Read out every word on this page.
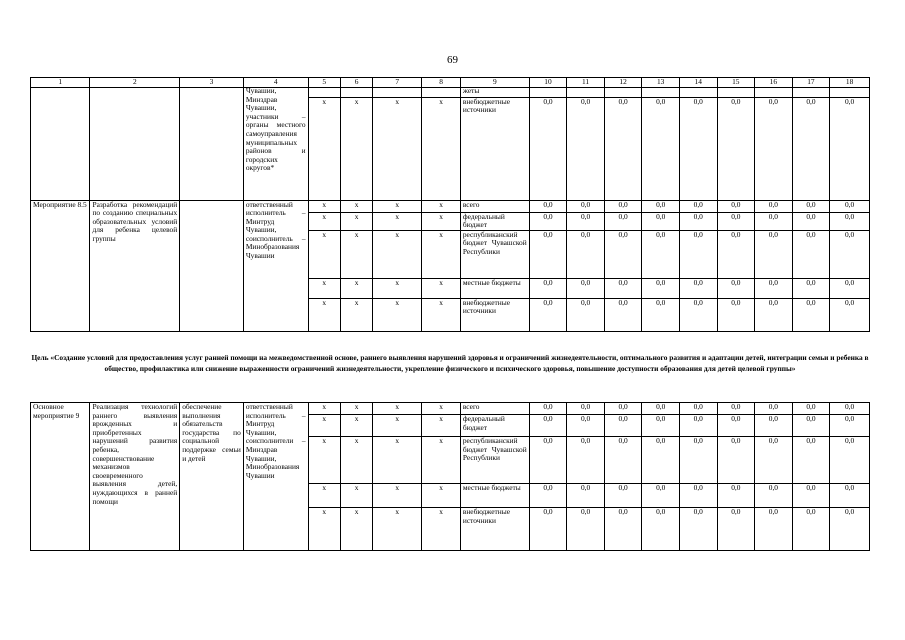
69
1	2	3	4	5	6	7	8	9	10	11	12	13	14	15	16	17	18
			Чувашии, Минздрав Чувашии, участники – органы местного самоуправления муниципальных районов и городских округов*					жеты									
				x	x	x	x	внебюджетные источники	0,0	0,0	0,0	0,0	0,0	0,0	0,0	0,0	0,0
Мероприятие 8.5	Разработка рекомендаций по созданию специальных образовательных условий для ребенка целевой группы		ответственный исполнитель – Минтруд Чувашии, соисполнитель – Минобразования Чувашии	x	x	x	x	всего	0,0	0,0	0,0	0,0	0,0	0,0	0,0	0,0	0,0
				x	x	x	x	федеральный бюджет	0,0	0,0	0,0	0,0	0,0	0,0	0,0	0,0	0,0
				x	x	x	x	республиканский бюджет Чувашской Республики	0,0	0,0	0,0	0,0	0,0	0,0	0,0	0,0	0,0
				x	x	x	x	местные бюджеты	0,0	0,0	0,0	0,0	0,0	0,0	0,0	0,0	0,0
				x	x	x	x	внебюджетные источники	0,0	0,0	0,0	0,0	0,0	0,0	0,0	0,0	0,0
Цель «Создание условий для предоставления услуг ранней помощи на межведомственной основе, раннего выявления нарушений здоровья и ограничений жизнедеятельности, оптимального развития и адаптации детей, интеграции семьи и ребенка в общество, профилактика или снижение выраженности ограничений жизнедеятельности, укрепление физического и психического здоровья, повышение доступности образования для детей целевой группы»
Основное мероприятие 9	Реализация технологий раннего выявления врожденных и приобретенных нарушений развития ребенка, совершенствование механизмов своевременного выявления детей, нуждающихся в ранней помощи	обеспечение выполнения обязательств государства по социальной поддержке семьи и детей	ответственный исполнитель – Минтруд Чувашии, соисполнители – Минздрав Чувашии, Минобразования Чувашии	x	x	x	x	всего	0,0	0,0	0,0	0,0	0,0	0,0	0,0	0,0	0,0
				x	x	x	x	федеральный бюджет	0,0	0,0	0,0	0,0	0,0	0,0	0,0	0,0	0,0
				x	x	x	x	республиканский бюджет Чувашской Республики	0,0	0,0	0,0	0,0	0,0	0,0	0,0	0,0	0,0
				x	x	x	x	местные бюджеты	0,0	0,0	0,0	0,0	0,0	0,0	0,0	0,0	0,0
				x	x	x	x	внебюджетные источники	0,0	0,0	0,0	0,0	0,0	0,0	0,0	0,0	0,0
